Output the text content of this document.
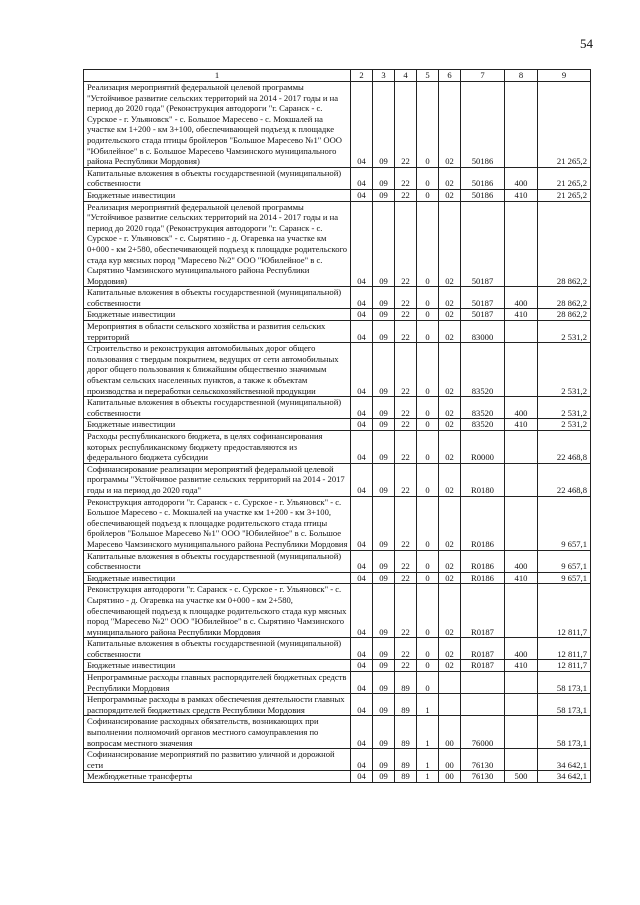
54
1	2	3	4	5	6	7	8	9
Реализация мероприятий федеральной целевой программы "Устойчивое развитие сельских территорий на 2014 - 2017 годы и на период до 2020 года" (Реконструкция автодороги "г. Саранск - с. Сурское - г. Ульяновск" - с. Большое Маресево - с. Мокшалей на участке км 1+200 - км 3+100, обеспечивающей подъезд к площадке родительского стада птицы бройлеров "Большое Маресево №1" ООО "Юбилейное" в с. Большое Маресево Чамзинского муниципального района Республики Мордовия)	04	09	22	0	02	50186		21 265,2
Капитальные вложения в объекты государственной (муниципальной) собственности	04	09	22	0	02	50186	400	21 265,2
Бюджетные инвестиции	04	09	22	0	02	50186	410	21 265,2
Реализация мероприятий федеральной целевой программы "Устойчивое развитие сельских территорий на 2014 - 2017 годы и на период до 2020 года" (Реконструкция автодороги "г. Саранск - с. Сурское - г. Ульяновск" - с. Сырятино - д. Огаревка на участке км 0+000 - км 2+580, обеспечивающей подъезд к площадке родительского стада кур мясных пород "Маресево №2" ООО "Юбилейное" в с. Сырятино Чамзинского муниципального района Республики Мордовия)	04	09	22	0	02	50187		28 862,2
Капитальные вложения в объекты государственной (муниципальной) собственности	04	09	22	0	02	50187	400	28 862,2
Бюджетные инвестиции	04	09	22	0	02	50187	410	28 862,2
Мероприятия в области сельского хозяйства и развития сельских территорий	04	09	22	0	02	83000		2 531,2
Строительство и реконструкция автомобильных дорог общего пользования с твердым покрытием, ведущих от сети автомобильных дорог общего пользования к ближайшим общественно значимым объектам сельских населенных пунктов, а также к объектам производства и переработки сельскохозяйственной продукции	04	09	22	0	02	83520		2 531,2
Капитальные вложения в объекты государственной (муниципальной) собственности	04	09	22	0	02	83520	400	2 531,2
Бюджетные инвестиции	04	09	22	0	02	83520	410	2 531,2
Расходы республиканского бюджета, в целях софинансирования которых республиканскому бюджету предоставляются из федерального бюджета субсидии	04	09	22	0	02	R0000		22 468,8
Софинансирование реализации мероприятий федеральной целевой программы "Устойчивое развитие сельских территорий на 2014 - 2017 годы и на период до 2020 года"	04	09	22	0	02	R0180		22 468,8
Реконструкция автодороги "г. Саранск - с. Сурское - г. Ульяновск" - с. Большое Маресево - с. Мокшалей на участке км 1+200 - км 3+100, обеспечивающей подъезд к площадке родительского стада птицы бройлеров "Большое Маресево №1" ООО "Юбилейное" в с. Большое Маресево Чамзинского муниципального района Республики Мордовия	04	09	22	0	02	R0186		9 657,1
Капитальные вложения в объекты государственной (муниципальной) собственности	04	09	22	0	02	R0186	400	9 657,1
Бюджетные инвестиции	04	09	22	0	02	R0186	410	9 657,1
Реконструкция автодороги "г. Саранск - с. Сурское - г. Ульяновск" - с. Сырятино - д. Огаревка на участке км 0+000 - км 2+580, обеспечивающей подъезд к площадке родительского стада кур мясных пород "Маресево №2" ООО "Юбилейное" в с. Сырятино Чамзинского муниципального района Республики Мордовия	04	09	22	0	02	R0187		12 811,7
Капитальные вложения в объекты государственной (муниципальной) собственности	04	09	22	0	02	R0187	400	12 811,7
Бюджетные инвестиции	04	09	22	0	02	R0187	410	12 811,7
Непрограммные расходы главных распорядителей бюджетных средств Республики Мордовия	04	09	89	0				58 173,1
Непрограммные расходы в рамках обеспечения деятельности главных распорядителей бюджетных средств Республики Мордовия	04	09	89	1				58 173,1
Софинансирование расходных обязательств, возникающих при выполнении полномочий органов местного самоуправления по вопросам местного значения	04	09	89	1	00	76000		58 173,1
Софинансирование мероприятий по развитию уличной и дорожной сети	04	09	89	1	00	76130		34 642,1
Межбюджетные трансферты	04	09	89	1	00	76130	500	34 642,1
